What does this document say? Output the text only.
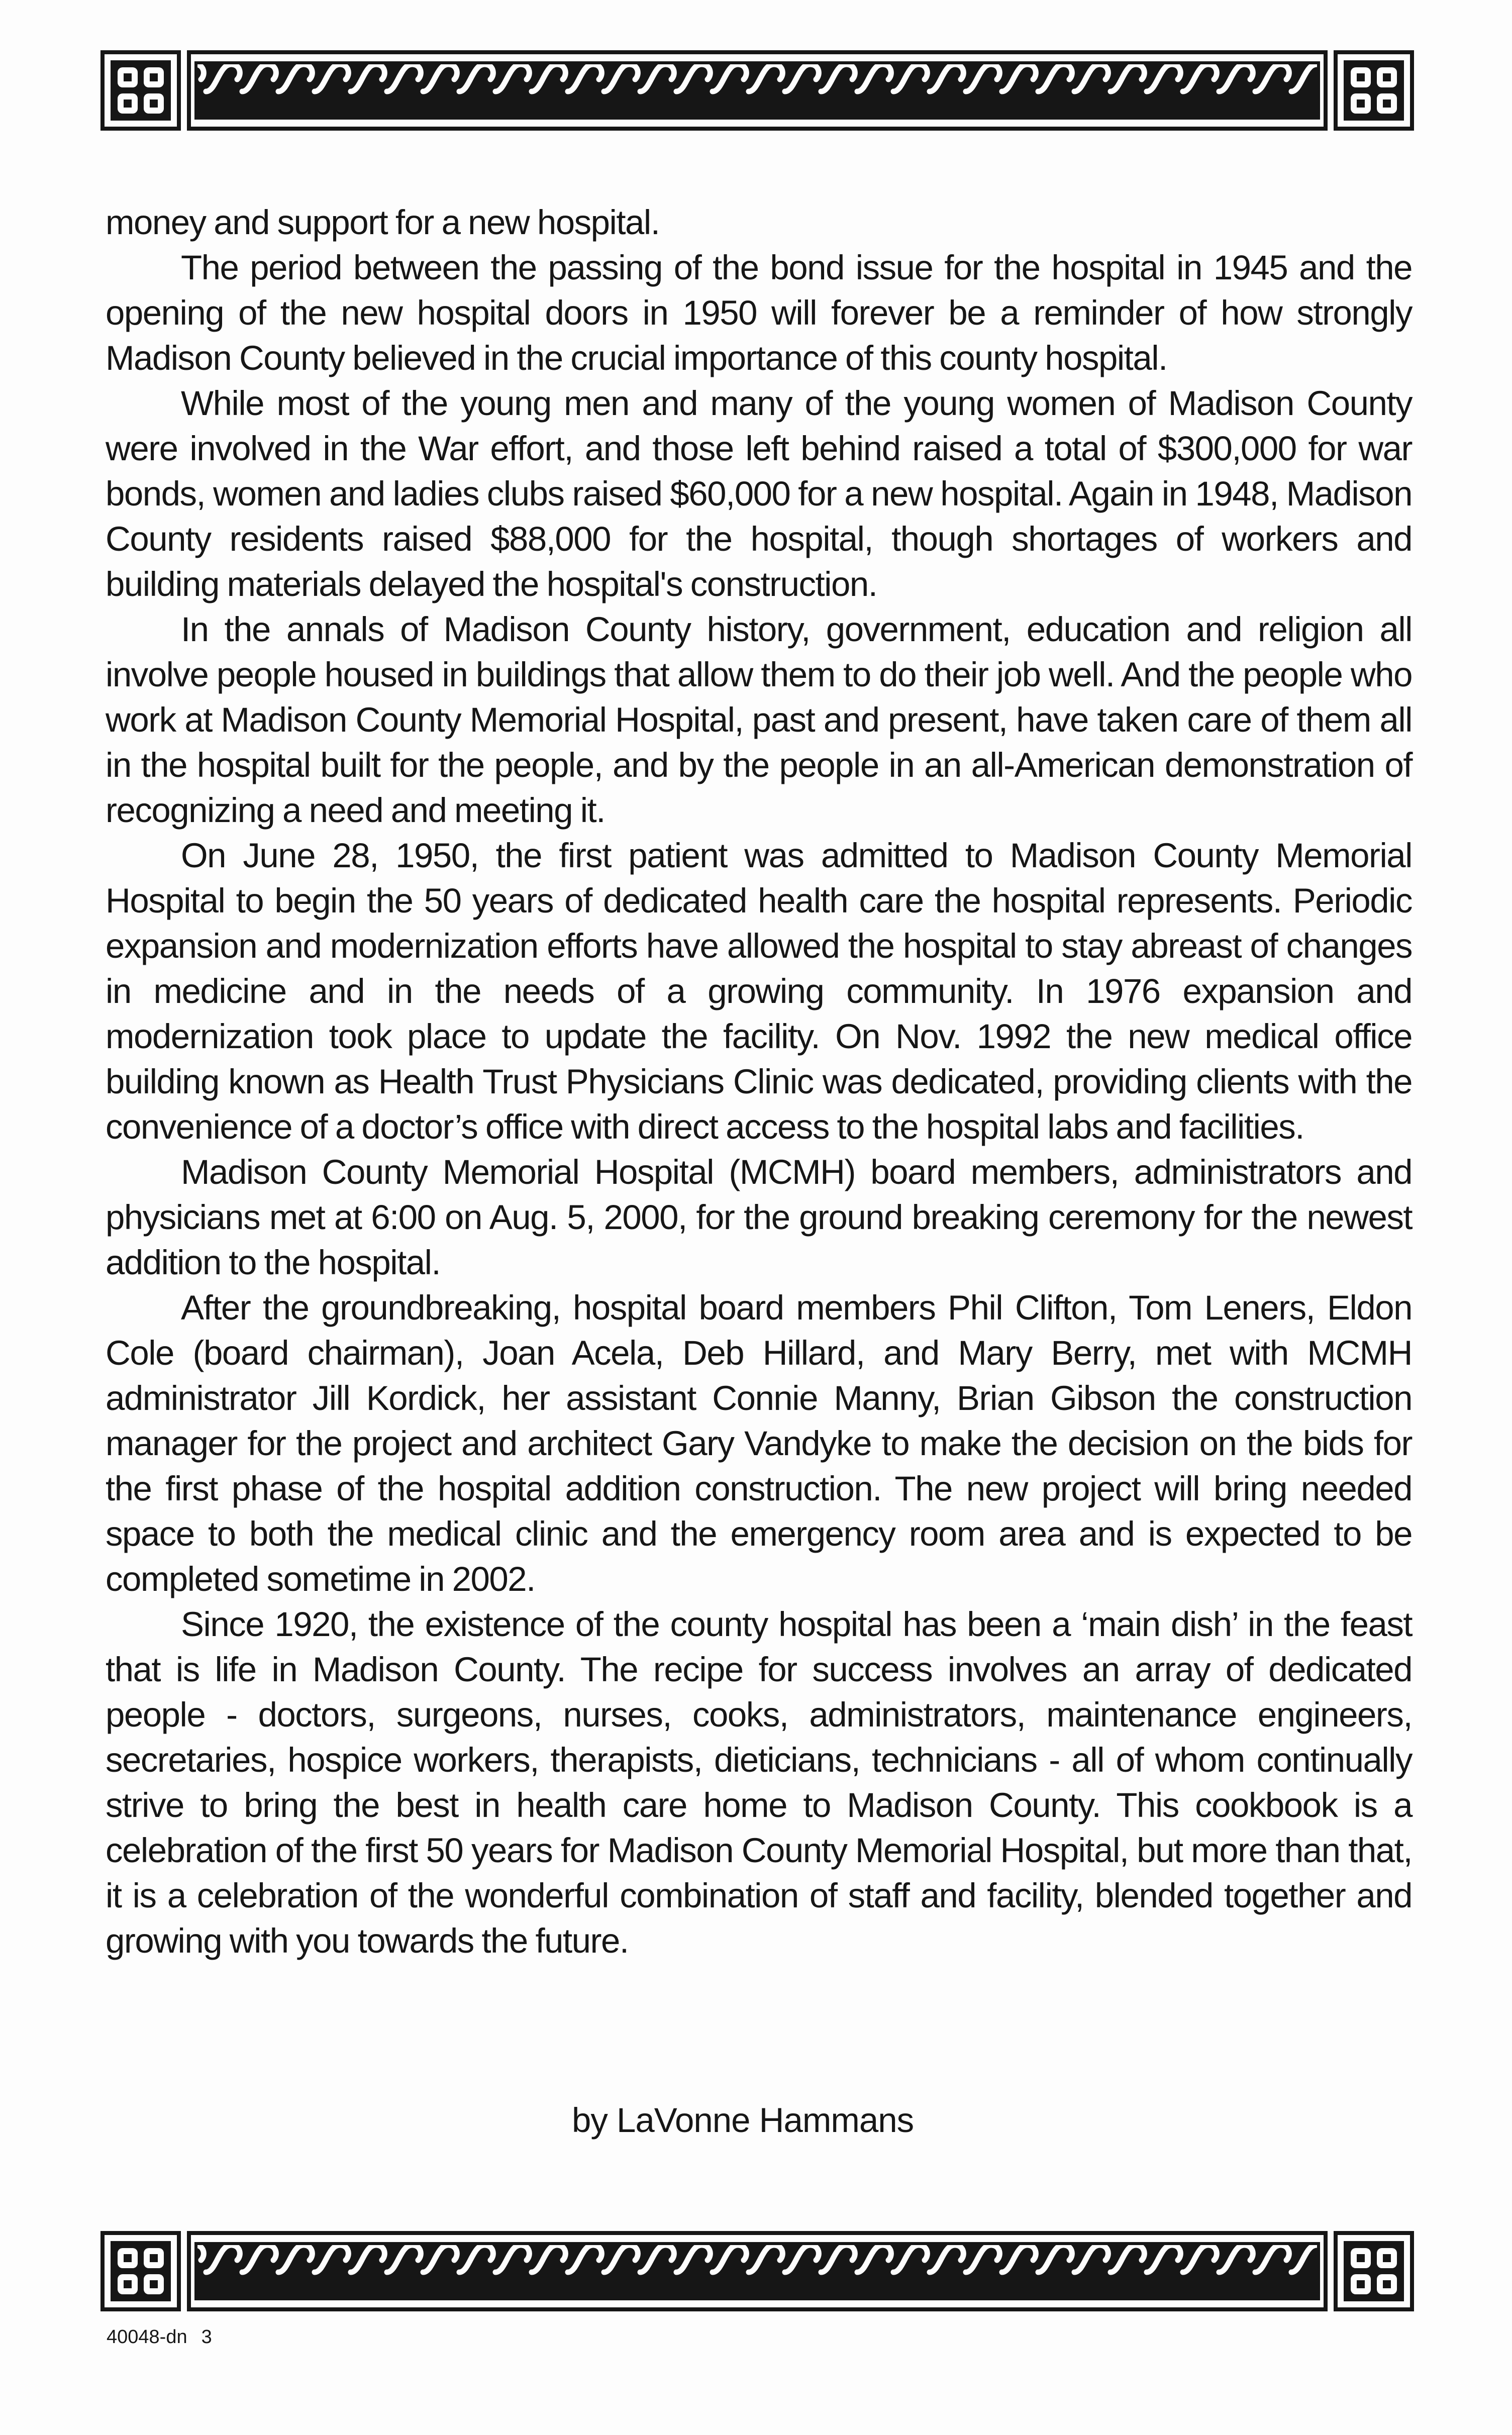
money and support for a new hospital.

The period between the passing of the bond issue for the hospital in 1945 and the opening of the new hospital doors in 1950 will forever be a reminder of how strongly Madison County believed in the crucial importance of this county hospital.

While most of the young men and many of the young women of Madison County were involved in the War effort, and those left behind raised a total of $300,000 for war bonds, women and ladies clubs raised $60,000 for a new hospital. Again in 1948, Madison County residents raised $88,000 for the hospital, though shortages of workers and building materials delayed the hospital's construction.

In the annals of Madison County history, government, education and religion all involve people housed in buildings that allow them to do their job well. And the people who work at Madison County Memorial Hospital, past and present, have taken care of them all in the hospital built for the people, and by the people in an all-American demonstration of recognizing a need and meeting it.

On June 28, 1950, the first patient was admitted to Madison County Memorial Hospital to begin the 50 years of dedicated health care the hospital represents. Periodic expansion and modernization efforts have allowed the hospital to stay abreast of changes in medicine and in the needs of a growing community. In 1976 expansion and modernization took place to update the facility. On Nov. 1992 the new medical office building known as Health Trust Physicians Clinic was dedicated, providing clients with the convenience of a doctor’s office with direct access to the hospital labs and facilities.

Madison County Memorial Hospital (MCMH) board members, administrators and physicians met at 6:00 on Aug. 5, 2000, for the ground breaking ceremony for the newest addition to the hospital.

After the groundbreaking, hospital board members Phil Clifton, Tom Leners, Eldon Cole (board chairman), Joan Acela, Deb Hillard, and Mary Berry, met with MCMH administrator Jill Kordick, her assistant Connie Manny, Brian Gibson the construction manager for the project and architect Gary Vandyke to make the decision on the bids for the first phase of the hospital addition construction. The new project will bring needed space to both the medical clinic and the emergency room area and is expected to be completed sometime in 2002.

Since 1920, the existence of the county hospital has been a ‘main dish’ in the feast that is life in Madison County. The recipe for success involves an array of dedicated people - doctors, surgeons, nurses, cooks, administrators, maintenance engineers, secretaries, hospice workers, therapists, dieticians, technicians - all of whom continually strive to bring the best in health care home to Madison County. This cookbook is a celebration of the first 50 years for Madison County Memorial Hospital, but more than that, it is a celebration of the wonderful combination of staff and facility, blended together and growing with you towards the future.

by LaVonne Hammans

40048-dn 3
